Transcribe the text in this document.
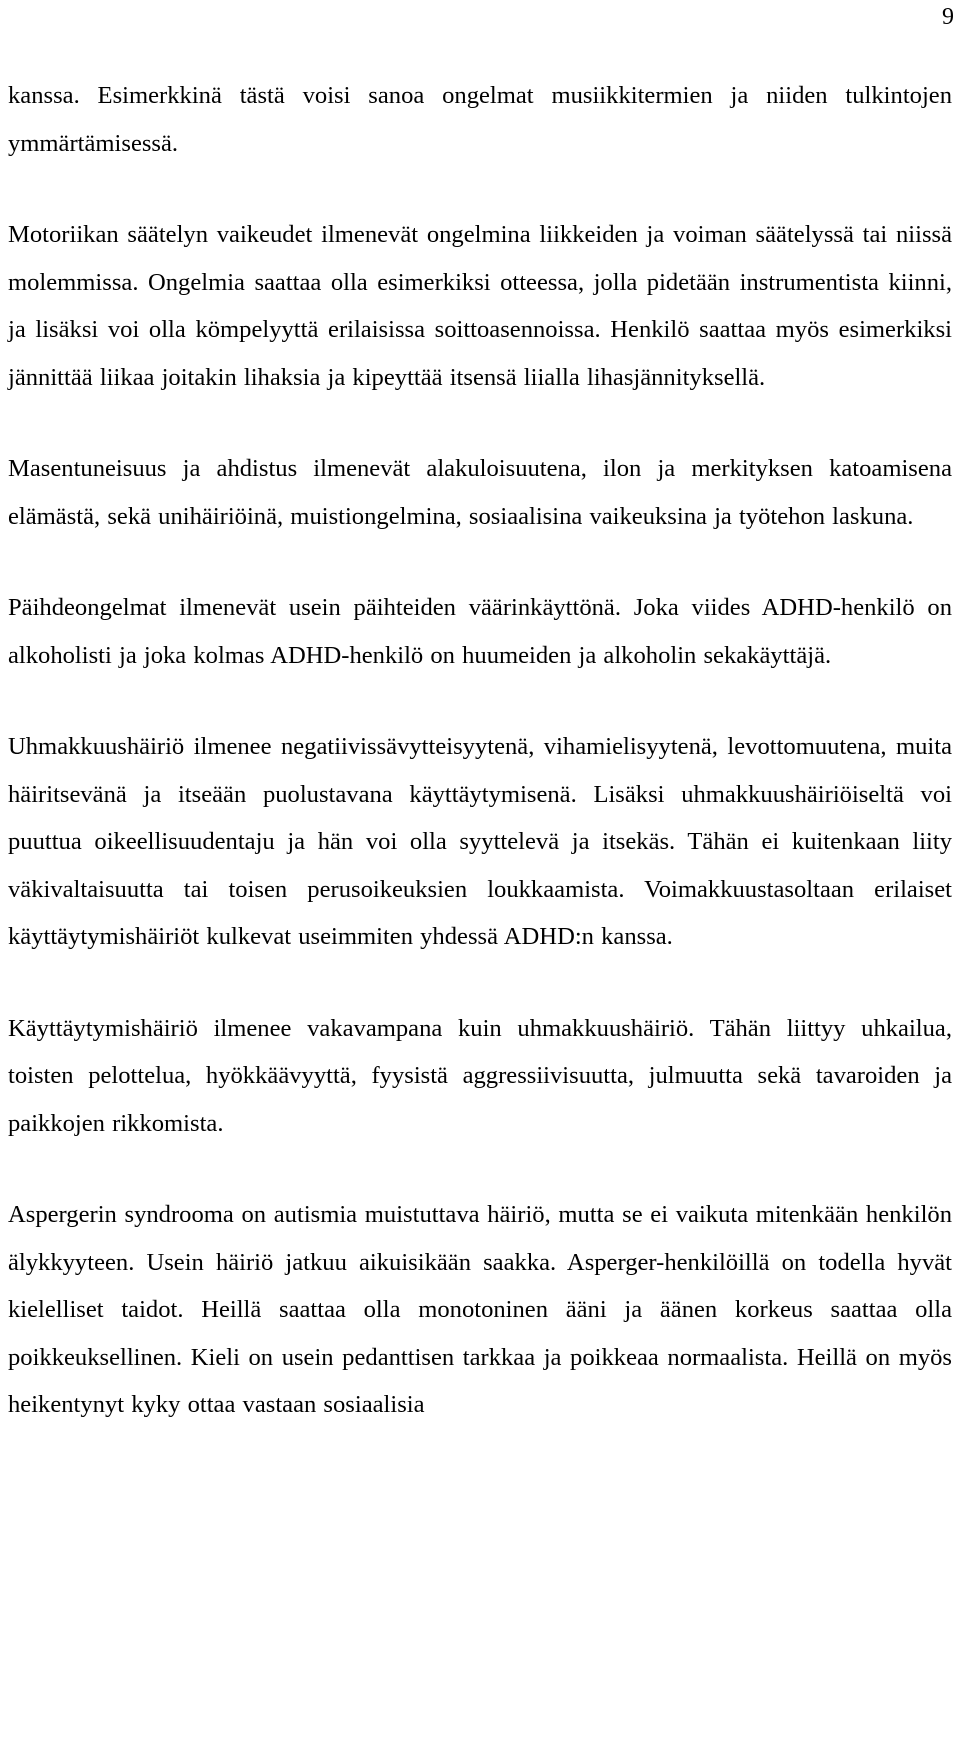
9

kanssa. Esimerkkinä tästä voisi sanoa ongelmat musiikkitermien ja niiden tulkintojen ymmärtämisessä.

Motoriikan säätelyn vaikeudet ilmenevät ongelmina liikkeiden ja voiman säätelyssä tai niissä molemmissa. Ongelmia saattaa olla esimerkiksi otteessa, jolla pidetään instrumentista kiinni, ja lisäksi voi olla kömpelyyttä erilaisissa soittoasennoissa. Henkilö saattaa myös esimerkiksi jännittää liikaa joitakin lihaksia ja kipeyttää itsensä liialla lihasjännityksellä.

Masentuneisuus ja ahdistus ilmenevät alakuloisuutena, ilon ja merkityksen katoamisena elämästä, sekä unihäiriöinä, muistiongelmina, sosiaalisina vaikeuksina ja työtehon laskuna.

Päihdeongelmat ilmenevät usein päihteiden väärinkäyttönä. Joka viides ADHD-henkilö on alkoholisti ja joka kolmas ADHD-henkilö on huumeiden ja alkoholin sekakäyttäjä.

Uhmakkuushäiriö ilmenee negatiivissävytteisyytenä, vihamielisyytenä, levottomuutena, muita häiritsevänä ja itseään puolustavana käyttäytymisenä. Lisäksi uhmakkuushäiriöiseltä voi puuttua oikeellisuudentaju ja hän voi olla syyttelevä ja itsekäs. Tähän ei kuitenkaan liity väkivaltaisuutta tai toisen perusoikeuksien loukkaamista. Voimakkuustasoltaan erilaiset käyttäytymishäiriöt kulkevat useimmiten yhdessä ADHD:n kanssa.

Käyttäytymishäiriö ilmenee vakavampana kuin uhmakkuushäiriö. Tähän liittyy uhkailua, toisten pelottelua, hyökkäävyyttä, fyysistä aggressiivisuutta, julmuutta sekä tavaroiden ja paikkojen rikkomista.

Aspergerin syndrooma on autismia muistuttava häiriö, mutta se ei vaikuta mitenkään henkilön älykkyyteen. Usein häiriö jatkuu aikuisikään saakka. Asperger-henkilöillä on todella hyvät kielelliset taidot. Heillä saattaa olla monotoninen ääni ja äänen korkeus saattaa olla poikkeuksellinen. Kieli on usein pedanttisen tarkkaa ja poikkeaa normaalista. Heillä on myös heikentynyt kyky ottaa vastaan sosiaalisia
